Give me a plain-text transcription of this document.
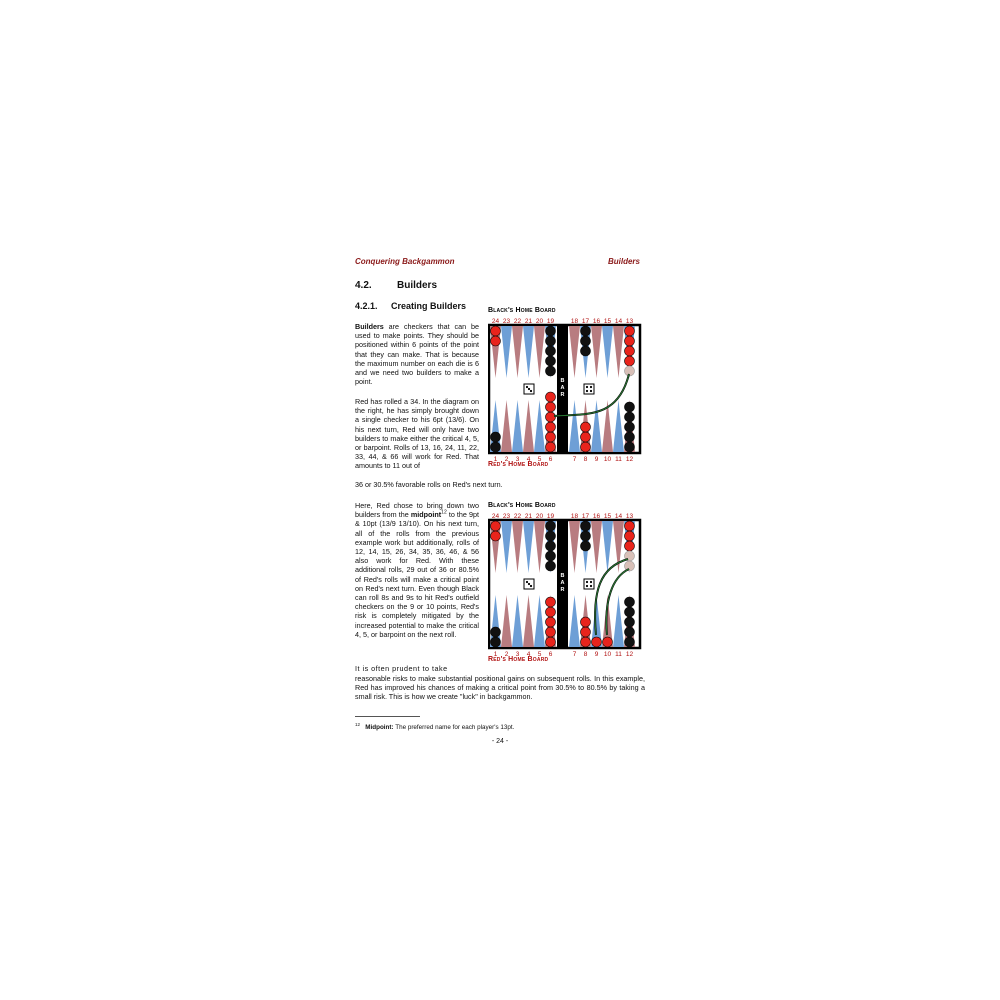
Conquering Backgammon	Builders
4.2.	Builders
4.2.1. Creating Builders
Builders are checkers that can be used to make points. They should be positioned within 6 points of the point that they can make. That is because the maximum number on each die is 6 and we need two builders to make a point.
Red has rolled a 34. In the diagram on the right, he has simply brought down a single checker to his 6pt (13/6). On his next turn, Red will only have two builders to make either the critical 4, 5, or barpoint. Rolls of 13, 16, 24, 11, 22, 33, 44, & 66 will work for Red. That amounts to 11 out of
36 or 30.5% favorable rolls on Red's next turn.
Here, Red chose to bring down two builders from the midpoint$^{12}$ to the 9pt & 10pt (13/9 13/10). On his next turn, all of the rolls from the previous example work but additionally, rolls of 12, 14, 15, 26, 34, 35, 36, 46, & 56 also work for Red. With these additional rolls, 29 out of 36 or 80.5% of Red's rolls will make a critical point on Red's next turn. Even though Black can roll 8s and 9s to hit Red's outfield checkers on the 9 or 10 points, Red's risk is completely mitigated by the increased potential to make the critical 4, 5, or barpoint on the next roll.
It is often prudent to take
reasonable risks to make substantial positional gains on subsequent rolls. In this example, Red has improved his chances of making a critical point from 30.5% to 80.5% by taking a small risk. This is how we create "luck" in backgammon.
Black's Home Board
24 23 22 21 20 19	18 17 16 15 14 13
B
A
R
1 2 3 4 5 6	7 8 9 10 11 12
Red's Home Board
Black's Home Board
24 23 22 21 20 19	18 17 16 15 14 13
B
A
R
1 2 3 4 5 6	7 8 9 10 11 12
Red's Home Board
$^{12}$ Midpoint: The preferred name for each player's 13pt.
- 24 -
